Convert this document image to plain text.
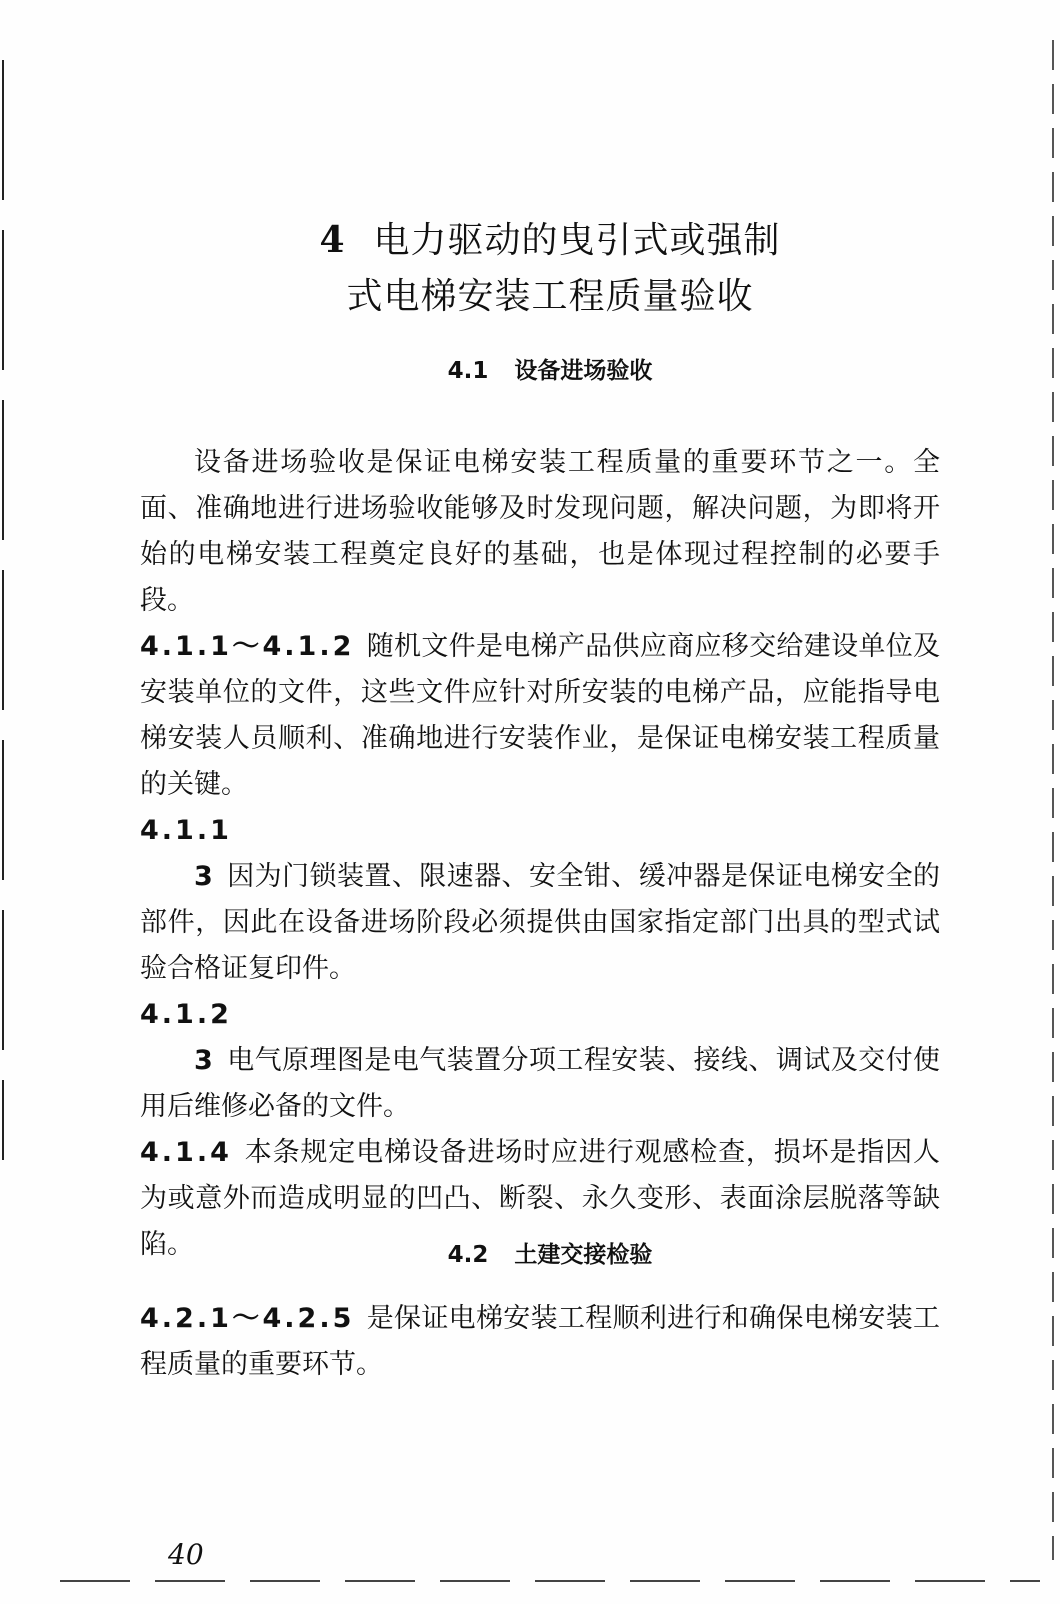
4 电力驱动的曳引式或强制
式电梯安装工程质量验收
4.1 设备进场验收

设备进场验收是保证电梯安装工程质量的重要环节之一。全面、准确地进行进场验收能够及时发现问题，解决问题，为即将开始的电梯安装工程奠定良好的基础，也是体现过程控制的必要手段。

4.1.1～4.1.2 随机文件是电梯产品供应商应移交给建设单位及安装单位的文件，这些文件应针对所安装的电梯产品，应能指导电梯安装人员顺利、准确地进行安装作业，是保证电梯安装工程质量的关键。

4.1.1

3 因为门锁装置、限速器、安全钳、缓冲器是保证电梯安全的部件，因此在设备进场阶段必须提供由国家指定部门出具的型式试验合格证复印件。

4.1.2

3 电气原理图是电气装置分项工程安装、接线、调试及交付使用后维修必备的文件。

4.1.4 本条规定电梯设备进场时应进行观感检查，损坏是指因人为或意外而造成明显的凹凸、断裂、永久变形、表面涂层脱落等缺陷。	4.2 土建交接检验

4.2.1～4.2.5 是保证电梯安装工程顺利进行和确保电梯安装工程质量的重要环节。

40
